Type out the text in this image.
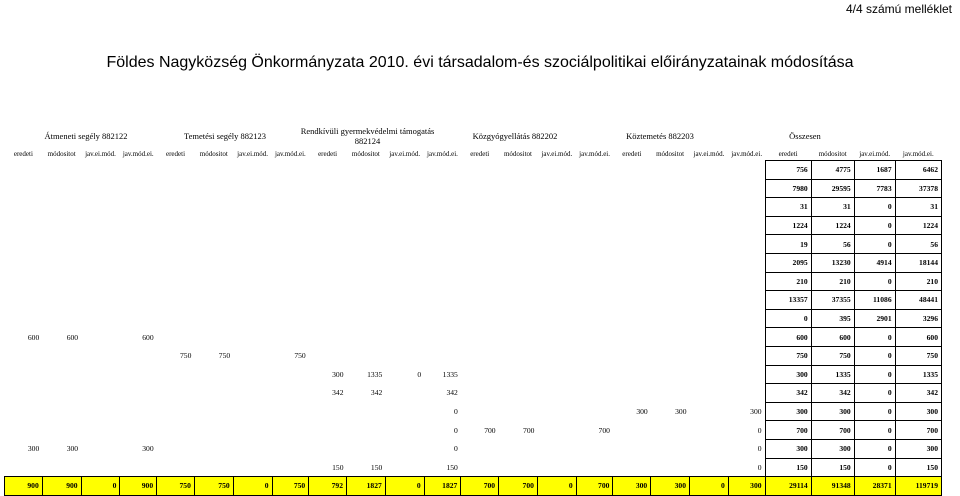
4/4 számú melléklet
Földes Nagyközség Önkormányzata 2010. évi társadalom-és szociálpolitikai előirányzatainak módosítása
Átmeneti segély 882122	Temetési segély 882123	Rendkívüli gyermekvédelmi támogatás 882124	Közgyógyellátás 882202	Köztemetés 882203	Összesen
eredeti	módositot	jav.ei.mód.	jav.mód.ei.	eredeti	módositot	jav.ei.mód.	jav.mód.ei.	eredeti	módositot	jav.ei.mód.	jav.mód.ei.	eredeti	módositot	jav.ei.mód.	jav.mód.ei.	eredeti	módositot	jav.ei.mód.	jav.mód.ei.	eredeti	módositot	jav.ei.mód.	jav.mód.ei.
																				756	4775	1687	6462
																				7980	29595	7783	37378
																				31	31	0	31
																				1224	1224	0	1224
																				19	56	0	56
																				2095	13230	4914	18144
																				210	210	0	210
																				13357	37355	11086	48441
																				0	395	2901	3296
600	600		600																	600	600	0	600
				750	750		750													750	750	0	750
								300	1335	0	1335									300	1335	0	1335
								342	342		342									342	342	0	342
											0					300	300		300	300	300	0	300
											0	700	700		700				0	700	700	0	700
300	300		300								0								0	300	300	0	300
								150	150		150								0	150	150	0	150
900	900	0	900	750	750	0	750	792	1827	0	1827	700	700	0	700	300	300	0	300	29114	91348	28371	119719
